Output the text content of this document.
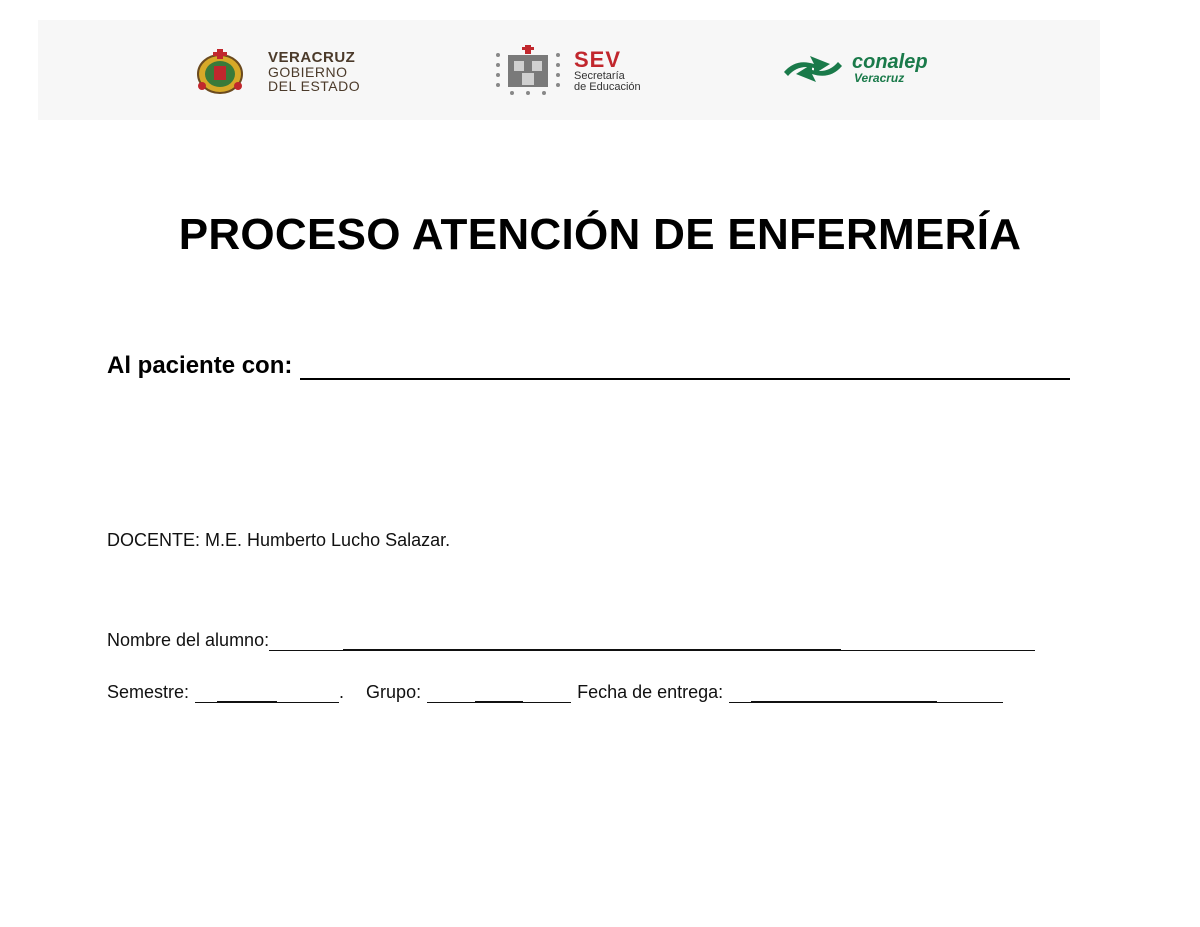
VERACRUZ
GOBIERNO
DEL ESTADO
SEV
Secretaría
de Educación
conalep
Veracruz
PROCESO ATENCIÓN DE ENFERMERÍA
Al paciente con:
DOCENTE: M.E. Humberto Lucho Salazar.
Nombre del alumno:
Semestre:	. Grupo:	Fecha de entrega:
